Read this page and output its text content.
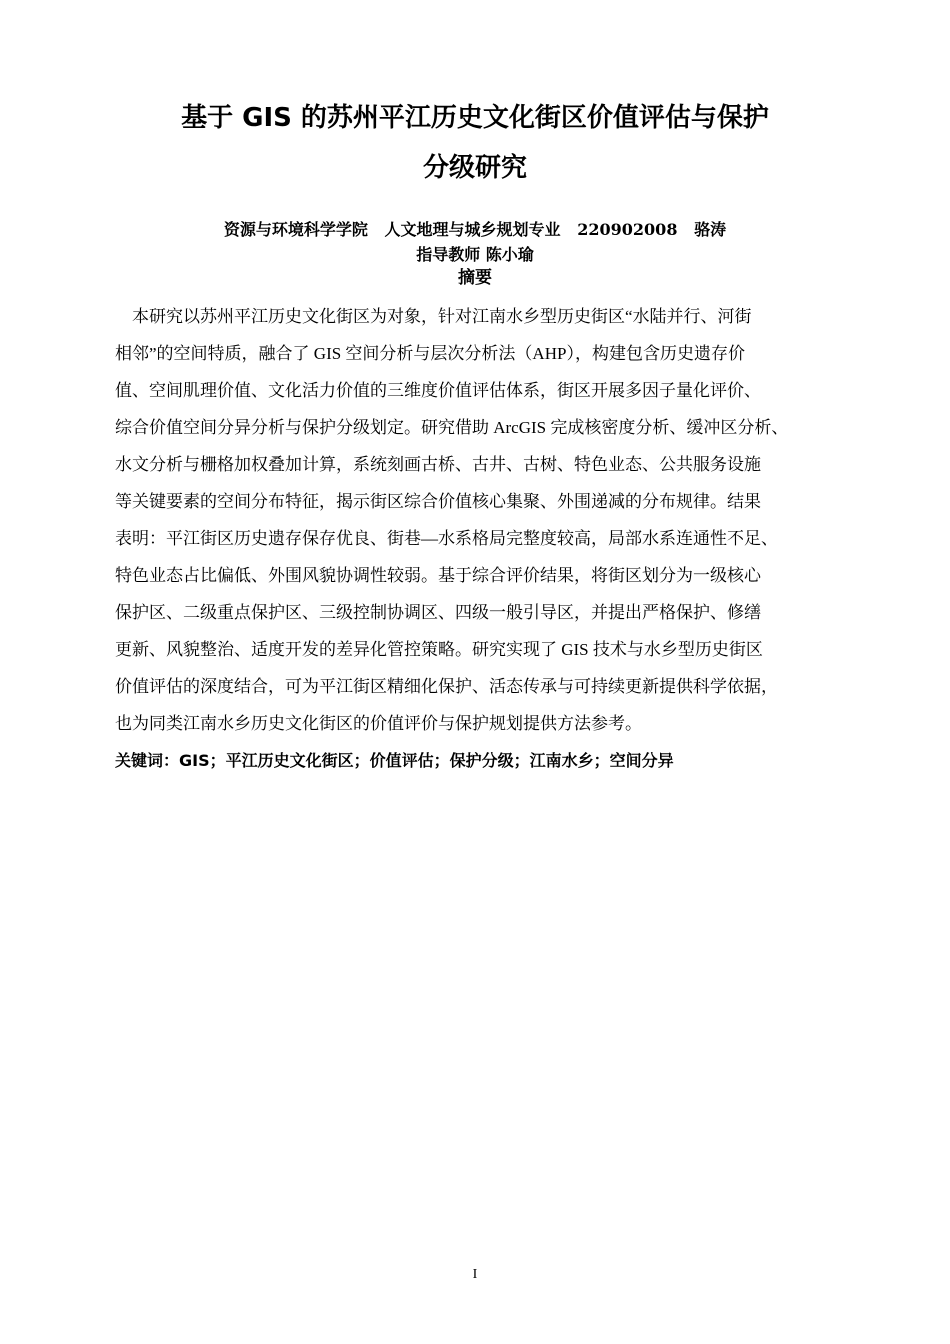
基于 GIS 的苏州平江历史文化街区价值评估与保护
分级研究

资源与环境科学学院   人文地理与城乡规划专业   220902008   骆涛

指导教师 陈小瑜

摘要
本研究以苏州平江历史文化街区为对象，针对江南水乡型历史街区“水陆并行、河街
相邻”的空间特质，融合了 GIS 空间分析与层次分析法（AHP），构建包含历史遗存价
值、空间肌理价值、文化活力价值的三维度价值评估体系，街区开展多因子量化评价、
综合价值空间分异分析与保护分级划定。研究借助 ArcGIS 完成核密度分析、缓冲区分析、
水文分析与栅格加权叠加计算，系统刻画古桥、古井、古树、特色业态、公共服务设施
等关键要素的空间分布特征，揭示街区综合价值核心集聚、外围递减的分布规律。结果
表明：平江街区历史遗存保存优良、街巷—水系格局完整度较高，局部水系连通性不足、
特色业态占比偏低、外围风貌协调性较弱。基于综合评价结果，将街区划分为一级核心
保护区、二级重点保护区、三级控制协调区、四级一般引导区，并提出严格保护、修缮
更新、风貌整治、适度开发的差异化管控策略。研究实现了 GIS 技术与水乡型历史街区
价值评估的深度结合，可为平江街区精细化保护、活态传承与可持续更新提供科学依据，
也为同类江南水乡历史文化街区的价值评价与保护规划提供方法参考。

关键词：GIS；平江历史文化街区；价值评估；保护分级；江南水乡；空间分异

I
